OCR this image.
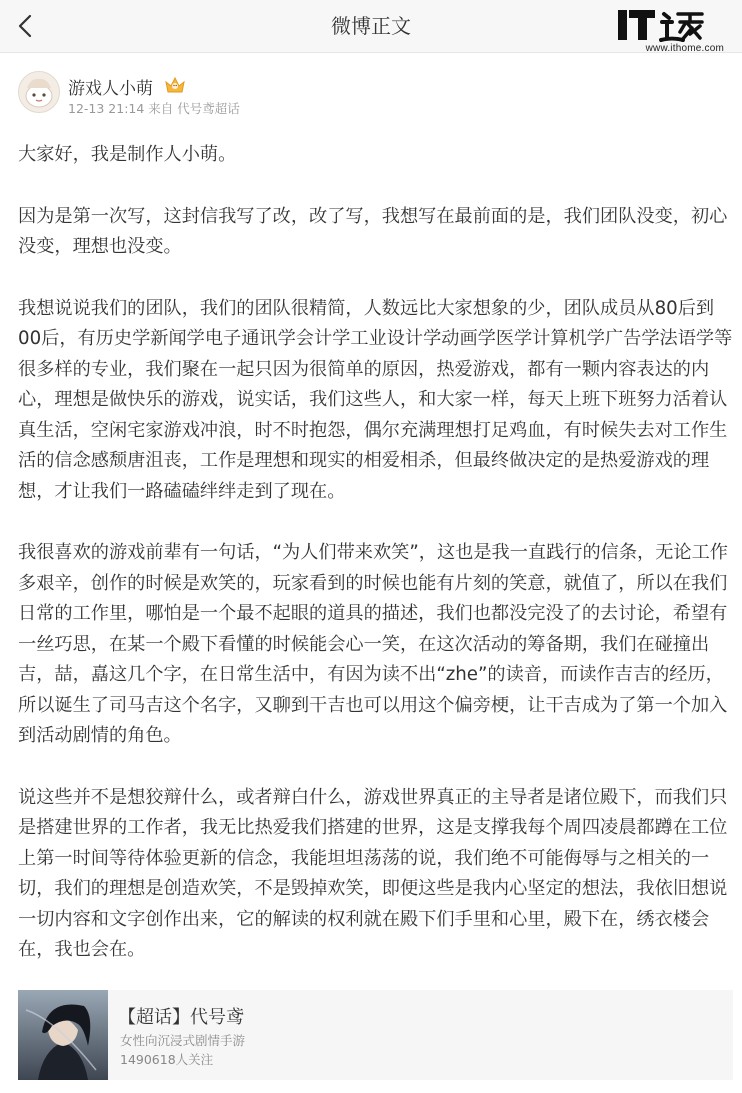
微博正文
www.ithome.com
游戏人小萌
12-13 21:14 来自 代号鸢超话

大家好，我是制作人小萌。

因为是第一次写，这封信我写了改，改了写，我想写在最前面的是，我们团队没变，初心没变，理想也没变。

我想说说我们的团队，我们的团队很精简，人数远比大家想象的少，团队成员从80后到00后，有历史学新闻学电子通讯学会计学工业设计学动画学医学计算机学广告学法语学等很多样的专业，我们聚在一起只因为很简单的原因，热爱游戏，都有一颗内容表达的内心，理想是做快乐的游戏，说实话，我们这些人，和大家一样，每天上班下班努力活着认真生活，空闲宅家游戏冲浪，时不时抱怨，偶尔充满理想打足鸡血，有时候失去对工作生活的信念感颓唐沮丧，工作是理想和现实的相爱相杀，但最终做决定的是热爱游戏的理想，才让我们一路磕磕绊绊走到了现在。

我很喜欢的游戏前辈有一句话，“为人们带来欢笑”，这也是我一直践行的信条，无论工作多艰辛，创作的时候是欢笑的，玩家看到的时候也能有片刻的笑意，就值了，所以在我们日常的工作里，哪怕是一个最不起眼的道具的描述，我们也都没完没了的去讨论，希望有一丝巧思，在某一个殿下看懂的时候能会心一笑，在这次活动的筹备期，我们在碰撞出吉，喆，嚞这几个字，在日常生活中，有因为读不出“zhe”的读音，而读作吉吉的经历，所以诞生了司马吉这个名字，又聊到干吉也可以用这个偏旁梗，让干吉成为了第一个加入到活动剧情的角色。

说这些并不是想狡辩什么，或者辩白什么，游戏世界真正的主导者是诸位殿下，而我们只是搭建世界的工作者，我无比热爱我们搭建的世界，这是支撑我每个周四凌晨都蹲在工位上第一时间等待体验更新的信念，我能坦坦荡荡的说，我们绝不可能侮辱与之相关的一切，我们的理想是创造欢笑，不是毁掉欢笑，即便这些是我内心坚定的想法，我依旧想说一切内容和文字创作出来，它的解读的权利就在殿下们手里和心里，殿下在，绣衣楼会在，我也会在。

【超话】代号鸢
女性向沉浸式剧情手游
1490618人关注
